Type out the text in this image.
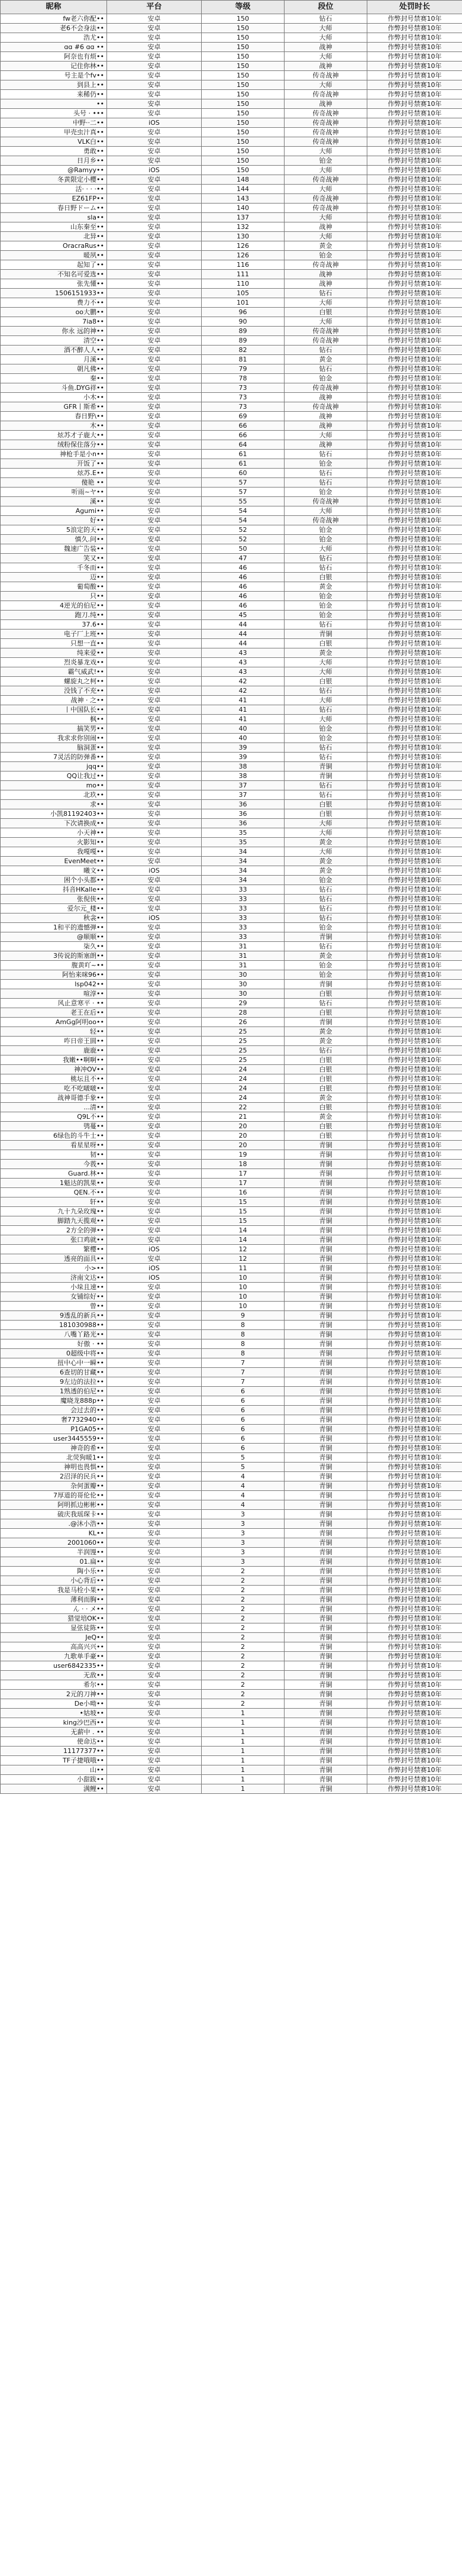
昵称	平台	等级	段位	处罚时长
fw老六你配••	安卓	150	钻石	作弊封号禁赛10年
老6不会身法••	安卓	150	大师	作弊封号禁赛10年
浩尤••	安卓	150	大师	作弊封号禁赛10年
ɑɑ #6 ɑɑ ••	安卓	150	战神	作弊封号禁赛10年
阿奈也有烦••	安卓	150	大师	作弊封号禁赛10年
记住你林••	安卓	150	战神	作弊封号禁赛10年
号主是个fv••	安卓	150	传奇战神	作弊封号禁赛10年
到县上••	安卓	150	大师	作弊封号禁赛10年
来稀仍••	安卓	150	传奇战神	作弊封号禁赛10年
••	安卓	150	战神	作弊封号禁赛10年
头号 · •••	安卓	150	传奇战神	作弊封号禁赛10年
中野··二••	iOS	150	传奇战神	作弊封号禁赛10年
甲壳虫汁真••	安卓	150	传奇战神	作弊封号禁赛10年
VLK白••	安卓	150	传奇战神	作弊封号禁赛10年
勇敢••	安卓	150	大师	作弊封号禁赛10年
日月乡••	安卓	150	铂金	作弊封号禁赛10年
@Ramyy••	iOS	150	大师	作弊封号禁赛10年
冬黄限定小樱••	安卓	148	传奇战神	作弊封号禁赛10年
活· · · ·••	安卓	144	大师	作弊封号禁赛10年
EZ61FP••	安卓	143	传奇战神	作弊封号禁赛10年
春日野ドーム••	安卓	140	传奇战神	作弊封号禁赛10年
sla••	安卓	137	大师	作弊封号禁赛10年
山东秦至••	安卓	132	战神	作弊封号禁赛10年
北异••	安卓	130	大师	作弊封号禁赛10年
OracraRus••	安卓	126	黄金	作弊封号禁赛10年
暖夙••	安卓	126	铂金	作弊封号禁赛10年
起知了••	安卓	116	传奇战神	作弊封号禁赛10年
不知名可爱选••	安卓	111	战神	作弊封号禁赛10年
张先懂••	安卓	110	战神	作弊封号禁赛10年
1506151933••	安卓	105	钻石	作弊封号禁赛10年
费力不••	安卓	101	大师	作弊封号禁赛10年
oo大鹏••	安卓	96	白银	作弊封号禁赛10年
7ia8••	安卓	90	大师	作弊封号禁赛10年
你永 远的神••	安卓	89	传奇战神	作弊封号禁赛10年
清空••	安卓	89	传奇战神	作弊封号禁赛10年
酒不醉人人••	安卓	82	钻石	作弊封号禁赛10年
月溪••	安卓	81	黄金	作弊封号禁赛10年
朝凡佛••	安卓	79	钻石	作弊封号禁赛10年
秦••	安卓	78	铂金	作弊封号禁赛10年
斗鱼.DYG祥••	安卓	73	传奇战神	作弊封号禁赛10年
小木••	安卓	73	战神	作弊封号禁赛10年
GFR丨斯希••	安卓	73	传奇战神	作弊封号禁赛10年
春日野\••	安卓	69	战神	作弊封号禁赛10年
木••	安卓	66	战神	作弊封号禁赛10年
炫苏才子鹿大••	安卓	66	大师	作弊封号禁赛10年
绒粉保住落分••	安卓	64	战神	作弊封号禁赛10年
神枪手是小n••	安卓	61	钻石	作弊封号禁赛10年
开饭了••	安卓	61	铂金	作弊封号禁赛10年
炫苏.E••	安卓	60	钻石	作弊封号禁赛10年
傻艳 ••	安卓	57	钻石	作弊封号禁赛10年
听雨~ヤ••	安卓	57	铂金	作弊封号禁赛10年
溪••	安卓	55	传奇战神	作弊封号禁赛10年
Agumi••	安卓	54	大师	作弊封号禁赛10年
好••	安卓	54	传奇战神	作弊封号禁赛10年
5浪定的天••	安卓	52	铂金	作弊封号禁赛10年
慎久.问••	安卓	52	铂金	作弊封号禁赛10年
魏速广告装••	安卓	50	大师	作弊封号禁赛10年
笑又••	安卓	47	钻石	作弊封号禁赛10年
千冬而••	安卓	46	钻石	作弊封号禁赛10年
迈••	安卓	46	白银	作弊封号禁赛10年
葡萄酸••	安卓	46	黄金	作弊封号禁赛10年
只••	安卓	46	铂金	作弊封号禁赛10年
4逆光的伯尼••	安卓	46	铂金	作弊封号禁赛10年
跑刀.纯••	安卓	45	铂金	作弊封号禁赛10年
37.6••	安卓	44	钻石	作弊封号禁赛10年
电子厂上班••	安卓	44	青铜	作弊封号禁赛10年
只想一直••	安卓	44	白银	作弊封号禁赛10年
纯来爱••	安卓	43	黄金	作弊封号禁赛10年
烈炎暴龙戏••	安卓	43	大师	作弊封号禁赛10年
霸气威武!••	安卓	43	大师	作弊封号禁赛10年
螺旋丸之柯••	安卓	42	白银	作弊封号禁赛10年
没钱了不充••	安卓	42	钻石	作弊封号禁赛10年
战神 · 之••	安卓	41	大师	作弊封号禁赛10年
丨中国队长••	安卓	41	钻石	作弊封号禁赛10年
枫••	安卓	41	大师	作弊封号禁赛10年
搞笑男••	安卓	40	铂金	作弊封号禁赛10年
我求求你别闹••	安卓	40	铂金	作弊封号禁赛10年
脑洞蛋••	安卓	39	钻石	作弊封号禁赛10年
7灵活的防弹番••	安卓	39	钻石	作弊封号禁赛10年
jqq••	安卓	38	青铜	作弊封号禁赛10年
QQ让我过••	安卓	38	青铜	作弊封号禁赛10年
mo••	安卓	37	钻石	作弊封号禁赛10年
北玖••	安卓	37	钻石	作弊封号禁赛10年
求••	安卓	36	白银	作弊封号禁赛10年
小凯81192403••	安卓	36	白银	作弊封号禁赛10年
下次请换成••	安卓	36	大师	作弊封号禁赛10年
小天神••	安卓	35	大师	作弊封号禁赛10年
火影知••	安卓	35	黄金	作弊封号禁赛10年
我嘎嘎••	安卓	34	大师	作弊封号禁赛10年
EvenMeet••	安卓	34	黄金	作弊封号禁赛10年
曦文••	iOS	34	黄金	作弊封号禁赛10年
困个小头都••	安卓	34	铂金	作弊封号禁赛10年
抖音HKalle••	安卓	33	钻石	作弊封号禁赛10年
张倪侠••	安卓	33	钻石	作弊封号禁赛10年
爱尔元_楼••	安卓	33	钻石	作弊封号禁赛10年
秋衾••	iOS	33	钻石	作弊封号禁赛10年
1和平的遗憾弹••	安卓	33	铂金	作弊封号禁赛10年
@顺顺••	安卓	33	青铜	作弊封号禁赛10年
柒久••	安卓	31	钻石	作弊封号禁赛10年
3传说的斯塞朗••	安卓	31	黄金	作弊封号禁赛10年
腹黄吖~••	安卓	31	铂金	作弊封号禁赛10年
阿怡来咪96••	安卓	30	铂金	作弊封号禁赛10年
lsp042••	安卓	30	青铜	作弊封号禁赛10年
喧淳••	安卓	30	白银	作弊封号禁赛10年
风止意寒平 · ••	安卓	29	钻石	作弊封号禁赛10年
老王在后••	安卓	28	白银	作弊封号禁赛10年
AmGg阿明oo••	安卓	26	青铜	作弊封号禁赛10年
轻••	安卓	25	黄金	作弊封号禁赛10年
咋日帝王圆••	安卓	25	黄金	作弊封号禁赛10年
鹿鹿••	安卓	25	钻石	作弊封号禁赛10年
我嫩••啊啊••	安卓	25	白银	作弊封号禁赛10年
神冲OV••	安卓	24	白银	作弊封号禁赛10年
桃坛且不••	安卓	24	白银	作弊封号禁赛10年
吃不吃啵啵••	安卓	24	白银	作弊封号禁赛10年
战神哥德手象••	安卓	24	黄金	作弊封号禁赛10年
...清••	安卓	22	白银	作弊封号禁赛10年
Q9L不••	安卓	21	黄金	作弊封号禁赛10年
鸮蔓••	安卓	20	白银	作弊封号禁赛10年
6绿色的斗牛士••	安卓	20	白银	作弊封号禁赛10年
看星星呀••	安卓	20	青铜	作弊封号禁赛10年
韧••	安卓	19	青铜	作弊封号禁赛10年
今莪••	安卓	18	青铜	作弊封号禁赛10年
Guard.林••	安卓	17	青铜	作弊封号禁赛10年
1魁达的凯果••	安卓	17	青铜	作弊封号禁赛10年
QEN.不••	安卓	16	青铜	作弊封号禁赛10年
轩••	安卓	15	青铜	作弊封号禁赛10年
九十九朵玫瑰••	安卓	15	青铜	作弊封号禁赛10年
脚踏九天揽观••	安卓	15	青铜	作弊封号禁赛10年
2方全的弹••	安卓	14	青铜	作弊封号禁赛10年
张口鸡就••	安卓	14	青铜	作弊封号禁赛10年
繁樱••	iOS	12	青铜	作弊封号禁赛10年
透亮的面具••	安卓	12	青铜	作弊封号禁赛10年
小>••	iOS	11	青铜	作弊封号禁赛10年
济南文达••	iOS	10	青铜	作弊封号禁赛10年
小垛且速••	安卓	10	青铜	作弊封号禁赛10年
女铺综好••	安卓	10	青铜	作弊封号禁赛10年
曾••	安卓	10	青铜	作弊封号禁赛10年
9透乱的新兵••	安卓	9	青铜	作弊封号禁赛10年
181030988••	安卓	8	青铜	作弊封号禁赛10年
八嘴丫路光••	安卓	8	青铜	作弊封号禁赛10年
好傲 · ••	安卓	8	青铜	作弊封号禁赛10年
0超级中将••	安卓	8	青铜	作弊封号禁赛10年
扭中心中一瞬••	安卓	7	青铜	作弊封号禁赛10年
6查切的甘藏••	安卓	7	青铜	作弊封号禁赛10年
9左边的法拉••	安卓	7	青铜	作弊封号禁赛10年
1熟透的伯尼••	安卓	6	青铜	作弊封号禁赛10年
魔晓龙888p••	安卓	6	青铜	作弊封号禁赛10年
会过去的••	安卓	6	青铜	作弊封号禁赛10年
奢7732940••	安卓	6	青铜	作弊封号禁赛10年
P1GA05••	安卓	6	青铜	作弊封号禁赛10年
user3445559••	安卓	6	青铜	作弊封号禁赛10年
神奇的希••	安卓	6	青铜	作弊封号禁赛10年
北荧狗暖1••	安卓	5	青铜	作弊封号禁赛10年
神明也畏惧••	安卓	5	青铜	作弊封号禁赛10年
2沼泽的民兵••	安卓	4	青铜	作弊封号禁赛10年
杂何蛋瓣••	安卓	4	青铜	作弊封号禁赛10年
7厚道的哥伦伦••	安卓	4	青铜	作弊封号禁赛10年
阿明抓边彬彬••	安卓	4	青铜	作弊封号禁赛10年
破庆我瑶琛卡••	安卓	3	青铜	作弊封号禁赛10年
.@沐小浩••	安卓	3	青铜	作弊封号禁赛10年
KL••	安卓	3	青铜	作弊封号禁赛10年
2001060••	安卓	3	青铜	作弊封号禁赛10年
半润馒••	安卓	3	青铜	作弊封号禁赛10年
01.扁••	安卓	3	青铜	作弊封号禁赛10年
陶小乐••	安卓	2	青铜	作弊封号禁赛10年
小心背后••	安卓	2	青铜	作弊封号禁赛10年
我是马栓小果••	安卓	2	青铜	作弊封号禁赛10年
薄利而胸••	安卓	2	青铜	作弊封号禁赛10年
ん · · メ••	安卓	2	青铜	作弊封号禁赛10年
猎觉培OK••	安卓	2	青铜	作弊封号禁赛10年
显弦徒陈••	安卓	2	青铜	作弊封号禁赛10年
JeQ••	安卓	2	青铜	作弊封号禁赛10年
高高兴兴••	安卓	2	青铜	作弊封号禁赛10年
九歌单手豪••	安卓	2	青铜	作弊封号禁赛10年
user6842335••	安卓	2	青铜	作弊封号禁赛10年
无敌••	安卓	2	青铜	作弊封号禁赛10年
希尔••	安卓	2	青铜	作弊封号禁赛10年
2元的刀神••	安卓	2	青铜	作弊封号禁赛10年
De小呦••	安卓	2	青铜	作弊封号禁赛10年
•姑坡••	安卓	1	青铜	作弊封号禁赛10年
king沙巴西••	安卓	1	青铜	作弊封号禁赛10年
无薪中 . ••	安卓	1	青铜	作弊封号禁赛10年
使命达••	安卓	1	青铜	作弊封号禁赛10年
11177377••	安卓	1	青铜	作弊封号禁赛10年
TF子捷哦哦••	安卓	1	青铜	作弊封号禁赛10年
山••	安卓	1	青铜	作弊封号禁赛10年
小甜跋••	安卓	1	青铜	作弊封号禁赛10年
满鲤••	安卓	1	青铜	作弊封号禁赛10年
